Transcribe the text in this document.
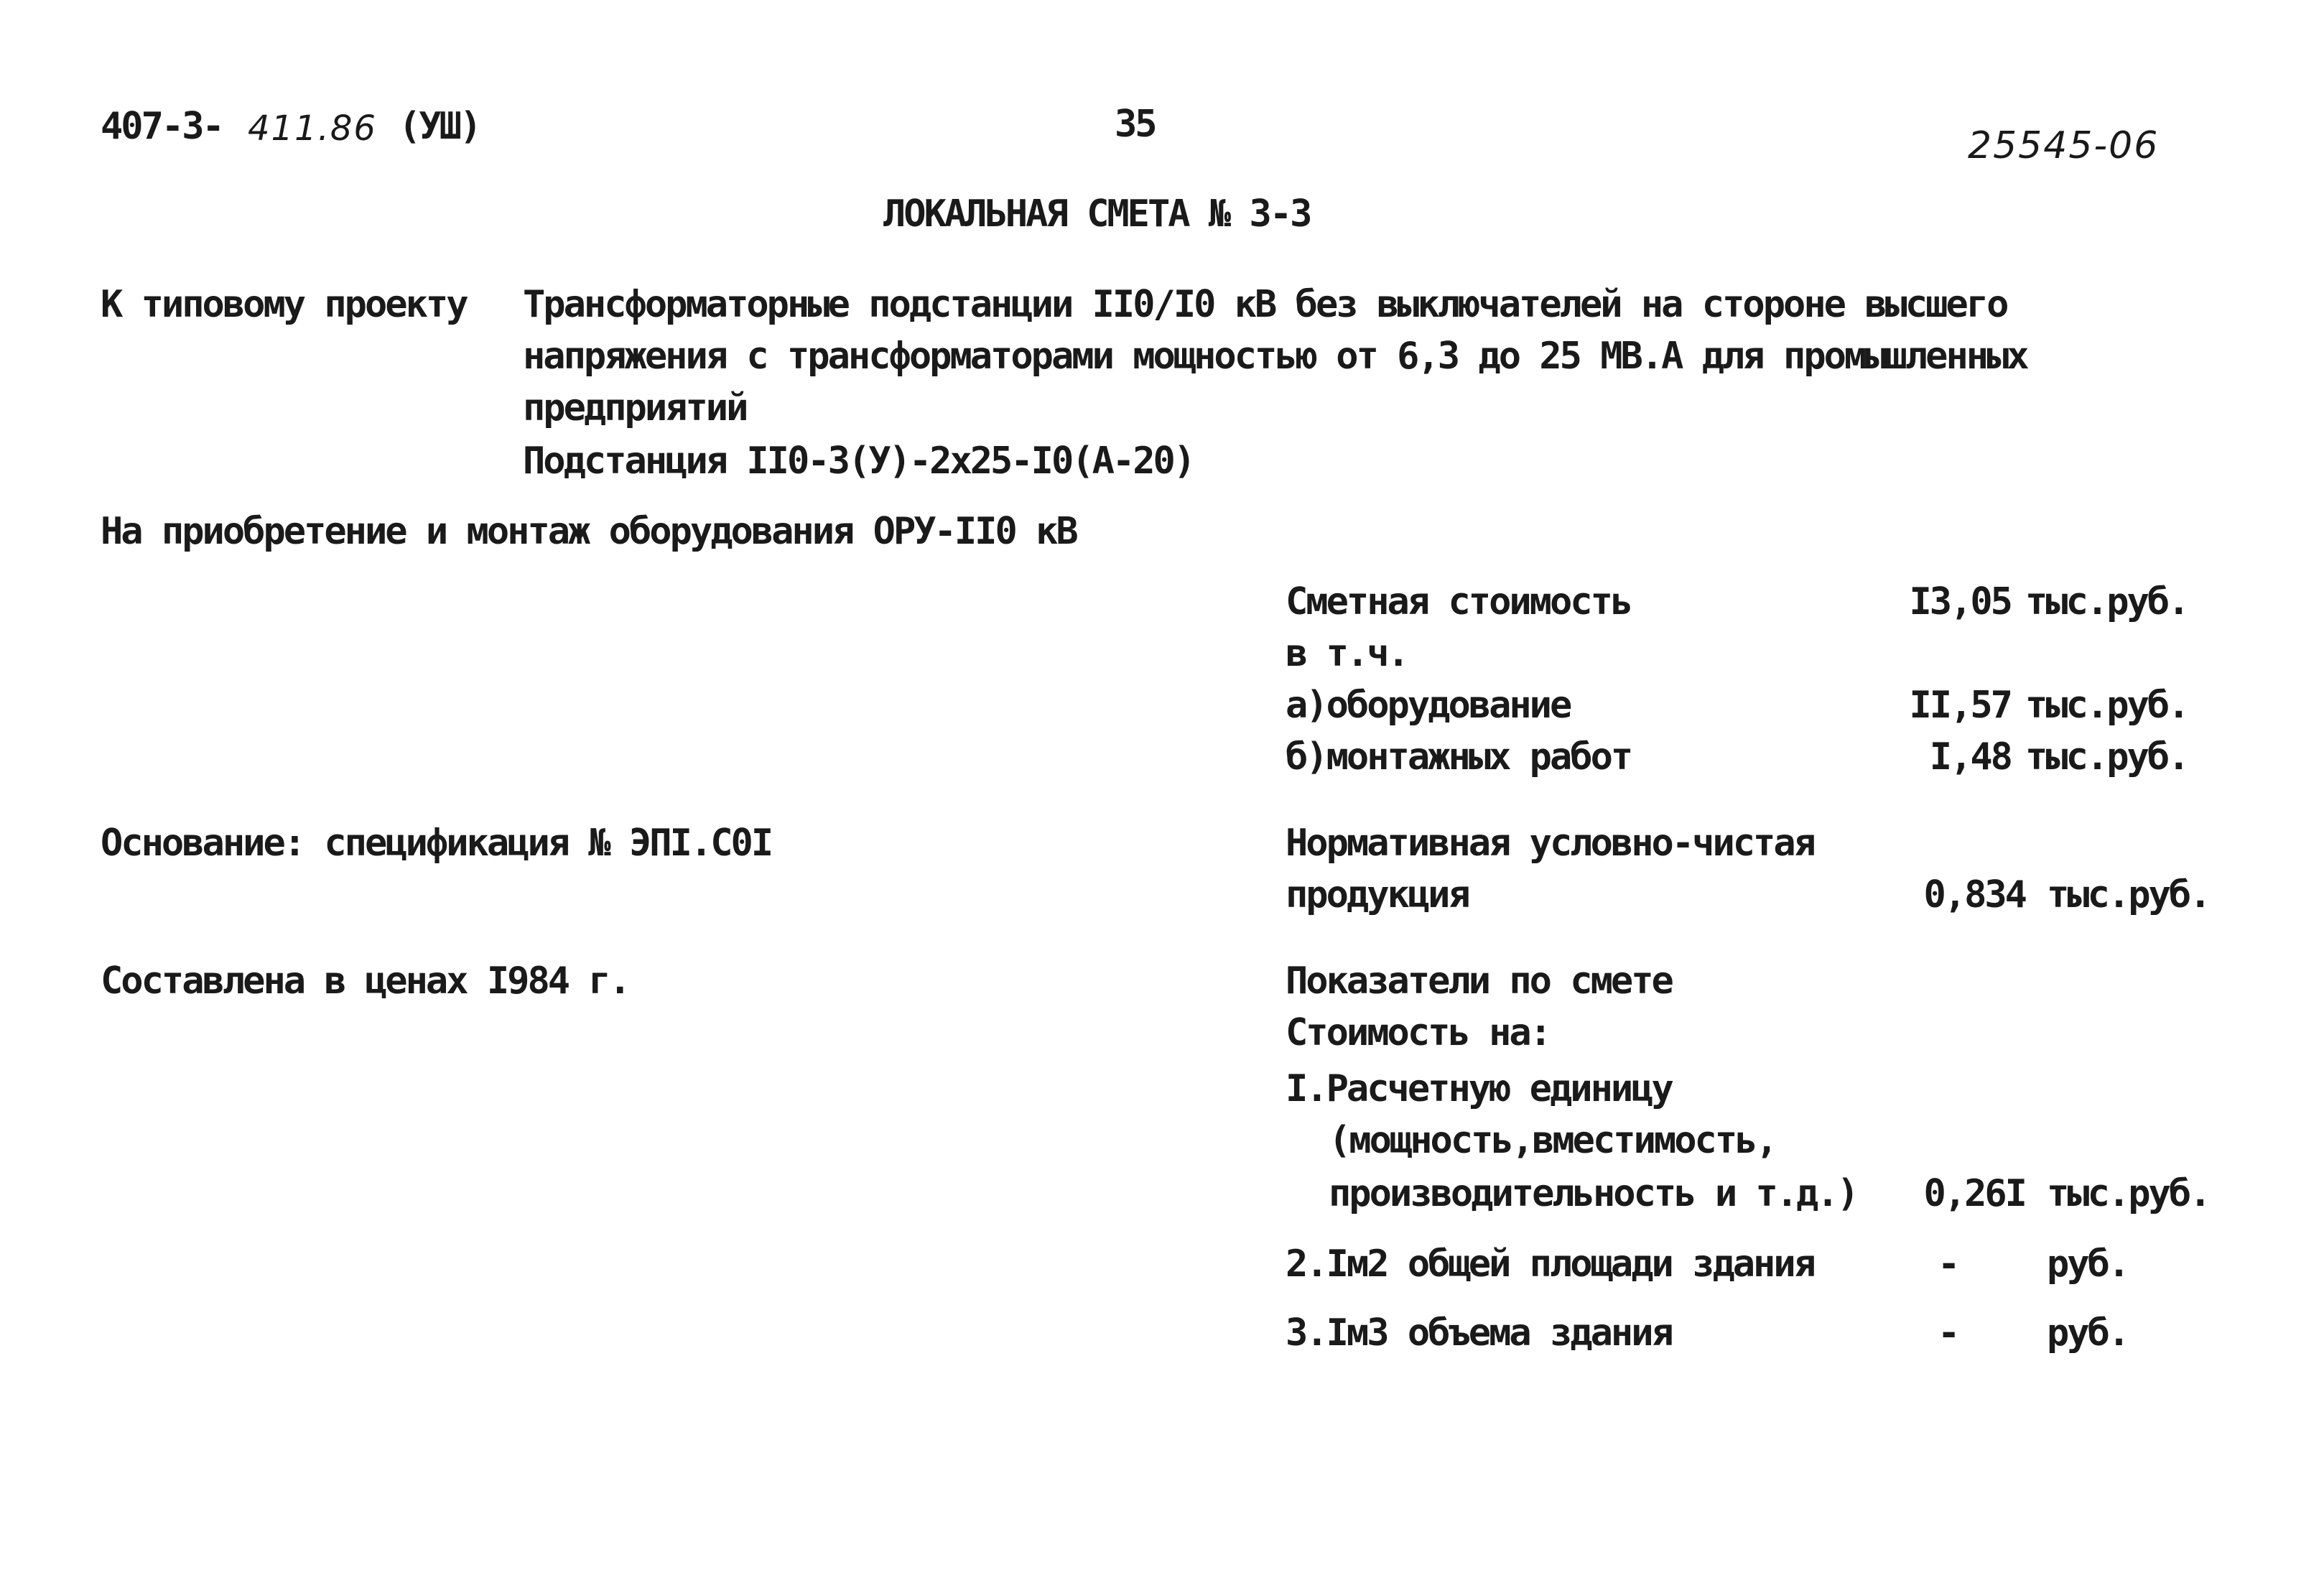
407-3- 411.86 (УШ)	35	25545-06
ЛОКАЛЬНАЯ СМЕТА № 3-3
К типовому проекту Трансформаторные подстанции II0/I0 кВ без выключателей на стороне высшего
напряжения с трансформаторами мощностью от 6,3 до 25 МВ.А для промышленных
предприятий
Подстанция II0-3(У)-2х25-I0(А-20)
На приобретение и монтаж оборудования ОРУ-II0 кВ
Сметная стоимость	I3,05 тыс.руб.
в т.ч.
а)оборудование	II,57 тыс.руб.
б)монтажных работ	I,48 тыс.руб.
Основание: спецификация № ЭПI.С0I	Нормативная условно-чистая
продукция	0,834 тыс.руб.
Составлена в ценах I984 г.	Показатели по смете
Стоимость на:
I.Расчетную единицу
(мощность,вместимость,
производительность и т.д.)	0,26I тыс.руб.
2.Iм2 общей площади здания	- руб.
3.Iм3 объема здания	- руб.
